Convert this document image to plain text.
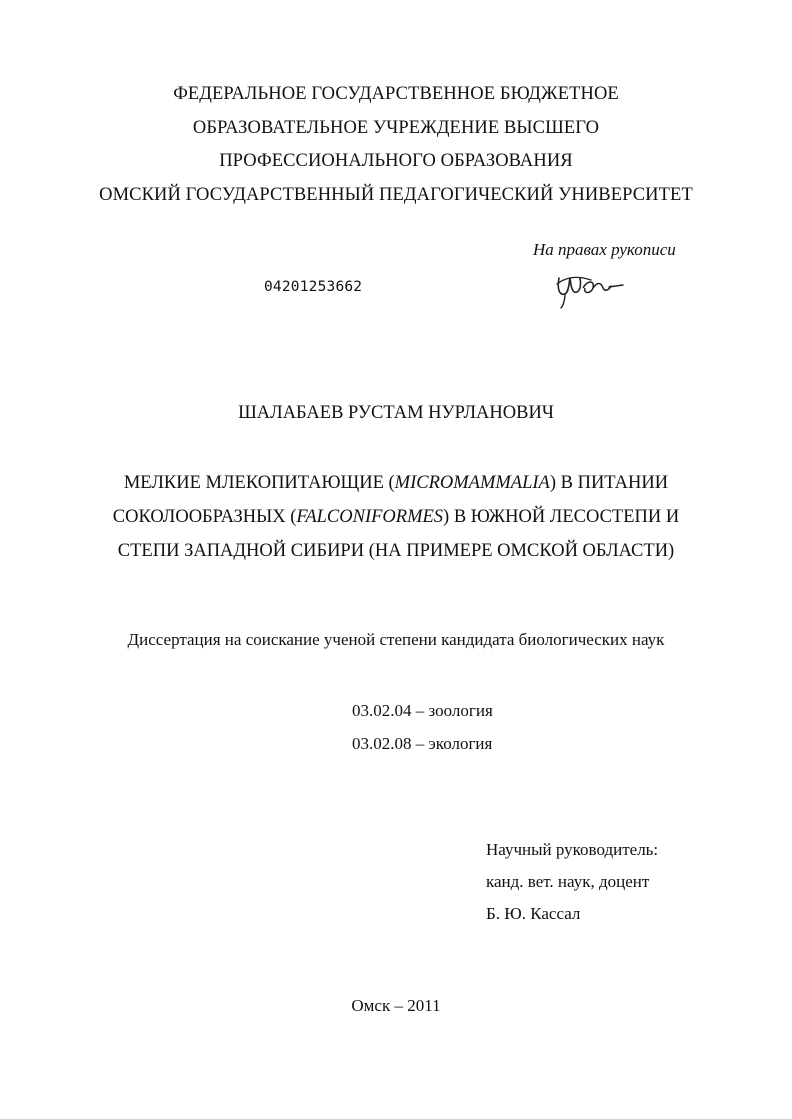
ФЕДЕРАЛЬНОЕ ГОСУДАРСТВЕННОЕ БЮДЖЕТНОЕ
ОБРАЗОВАТЕЛЬНОЕ УЧРЕЖДЕНИЕ ВЫСШЕГО
ПРОФЕССИОНАЛЬНОГО ОБРАЗОВАНИЯ
ОМСКИЙ ГОСУДАРСТВЕННЫЙ ПЕДАГОГИЧЕСКИЙ УНИВЕРСИТЕТ
На правах рукописи
04201253662
ШАЛАБАЕВ РУСТАМ НУРЛАНОВИЧ
МЕЛКИЕ МЛЕКОПИТАЮЩИЕ (MICROMAMMALIA) В ПИТАНИИ
СОКОЛООБРАЗНЫХ (FALCONIFORMES) В ЮЖНОЙ ЛЕСОСТЕПИ И
СТЕПИ ЗАПАДНОЙ СИБИРИ (НА ПРИМЕРЕ ОМСКОЙ ОБЛАСТИ)
Диссертация на соискание ученой степени кандидата биологических наук
03.02.04 – зоология
03.02.08 – экология
Научный руководитель:
канд. вет. наук, доцент
Б. Ю. Кассал
Омск – 2011
